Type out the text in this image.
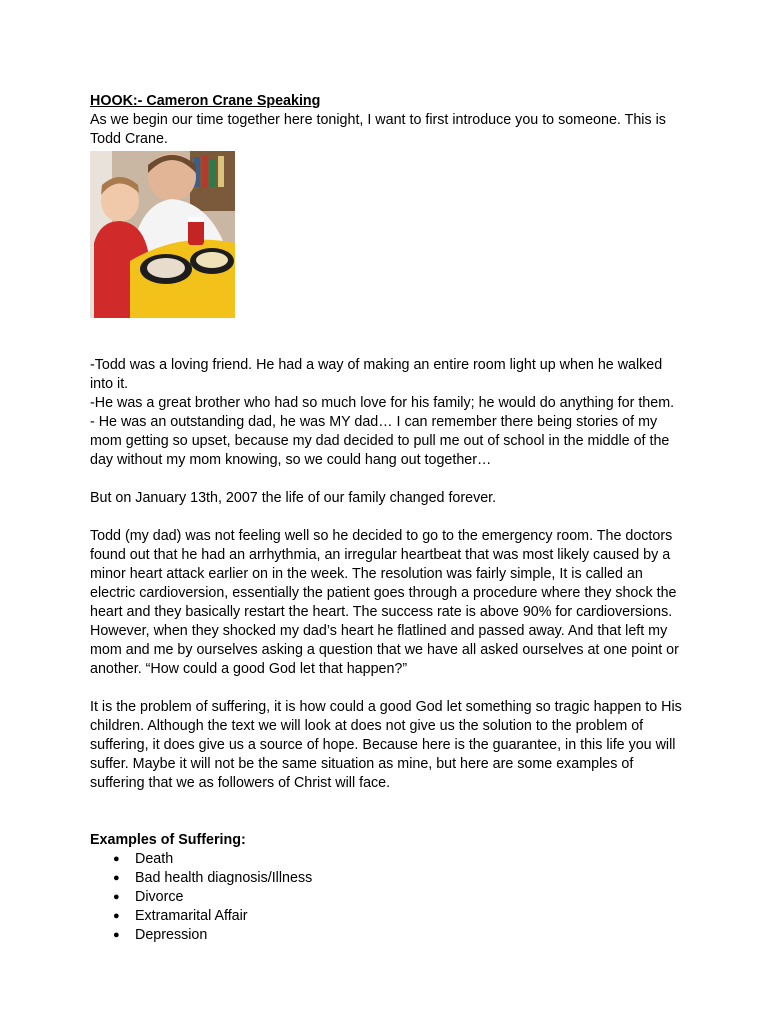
HOOK:- Cameron Crane Speaking

As we begin our time together here tonight, I want to first introduce you to someone. This is Todd Crane.

-Todd was a loving friend. He had a way of making an entire room light up when he walked into it.

-He was a great brother who had so much love for his family; he would do anything for them.

- He was an outstanding dad, he was MY dad… I can remember there being stories of my mom getting so upset, because my dad decided to pull me out of school in the middle of the day without my mom knowing, so we could hang out together…

But on January 13th, 2007 the life of our family changed forever.

Todd (my dad) was not feeling well so he decided to go to the emergency room. The doctors found out that he had an arrhythmia, an irregular heartbeat that was most likely caused by a minor heart attack earlier on in the week. The resolution was fairly simple, It is called an electric cardioversion, essentially the patient goes through a procedure where they shock the heart and they basically restart the heart. The success rate is above 90% for cardioversions. However, when they shocked my dad’s heart he flatlined and passed away. And that left my mom and me by ourselves asking a question that we have all asked ourselves at one point or another. “How could a good God let that happen?”

It is the problem of suffering, it is how could a good God let something so tragic happen to His children. Although the text we will look at does not give us the solution to the problem of suffering, it does give us a source of hope. Because here is the guarantee, in this life you will suffer. Maybe it will not be the same situation as mine, but here are some examples of suffering that we as followers of Christ will face.

Examples of Suffering:

● Death
● Bad health diagnosis/Illness
● Divorce
● Extramarital Affair
● Depression
